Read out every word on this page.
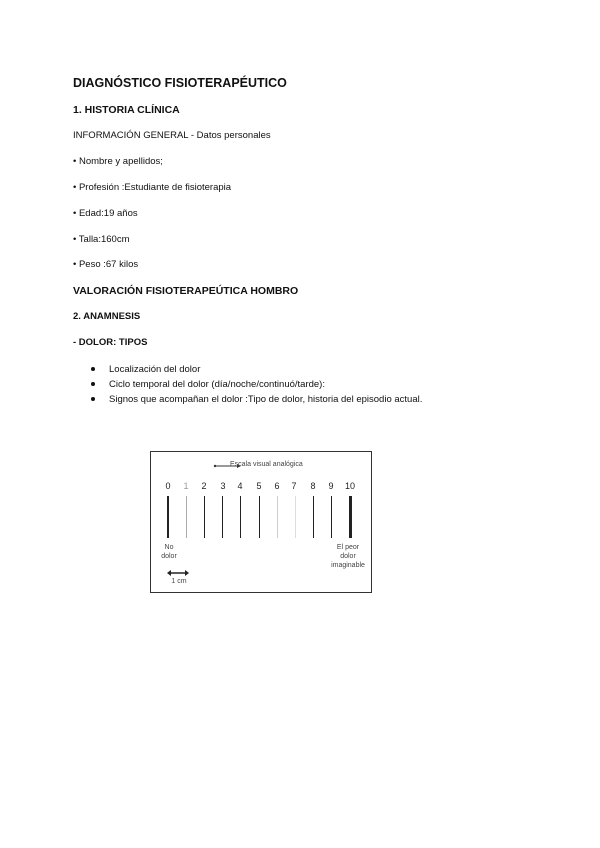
DIAGNÓSTICO FISIOTERAPÉUTICO
1. HISTORIA CLÍNICA
INFORMACIÓN GENERAL - Datos personales
• Nombre y apellidos;
• Profesión :Estudiante de fisioterapia
• Edad:19 años
• Talla:160cm
• Peso :67 kilos
VALORACIÓN FISIOTERAPEÚTICA HOMBRO
2. ANAMNESIS
- DOLOR: TIPOS
Localización del dolor
Ciclo temporal del dolor (día/noche/continuó/tarde):
Signos que acompañan el dolor :Tipo de dolor, historia del episodio actual.
Escala visual analógica
0	1	2	3	4	5	6	7	8	9	10
No
dolor
El peor
dolor
imaginable
1 cm
